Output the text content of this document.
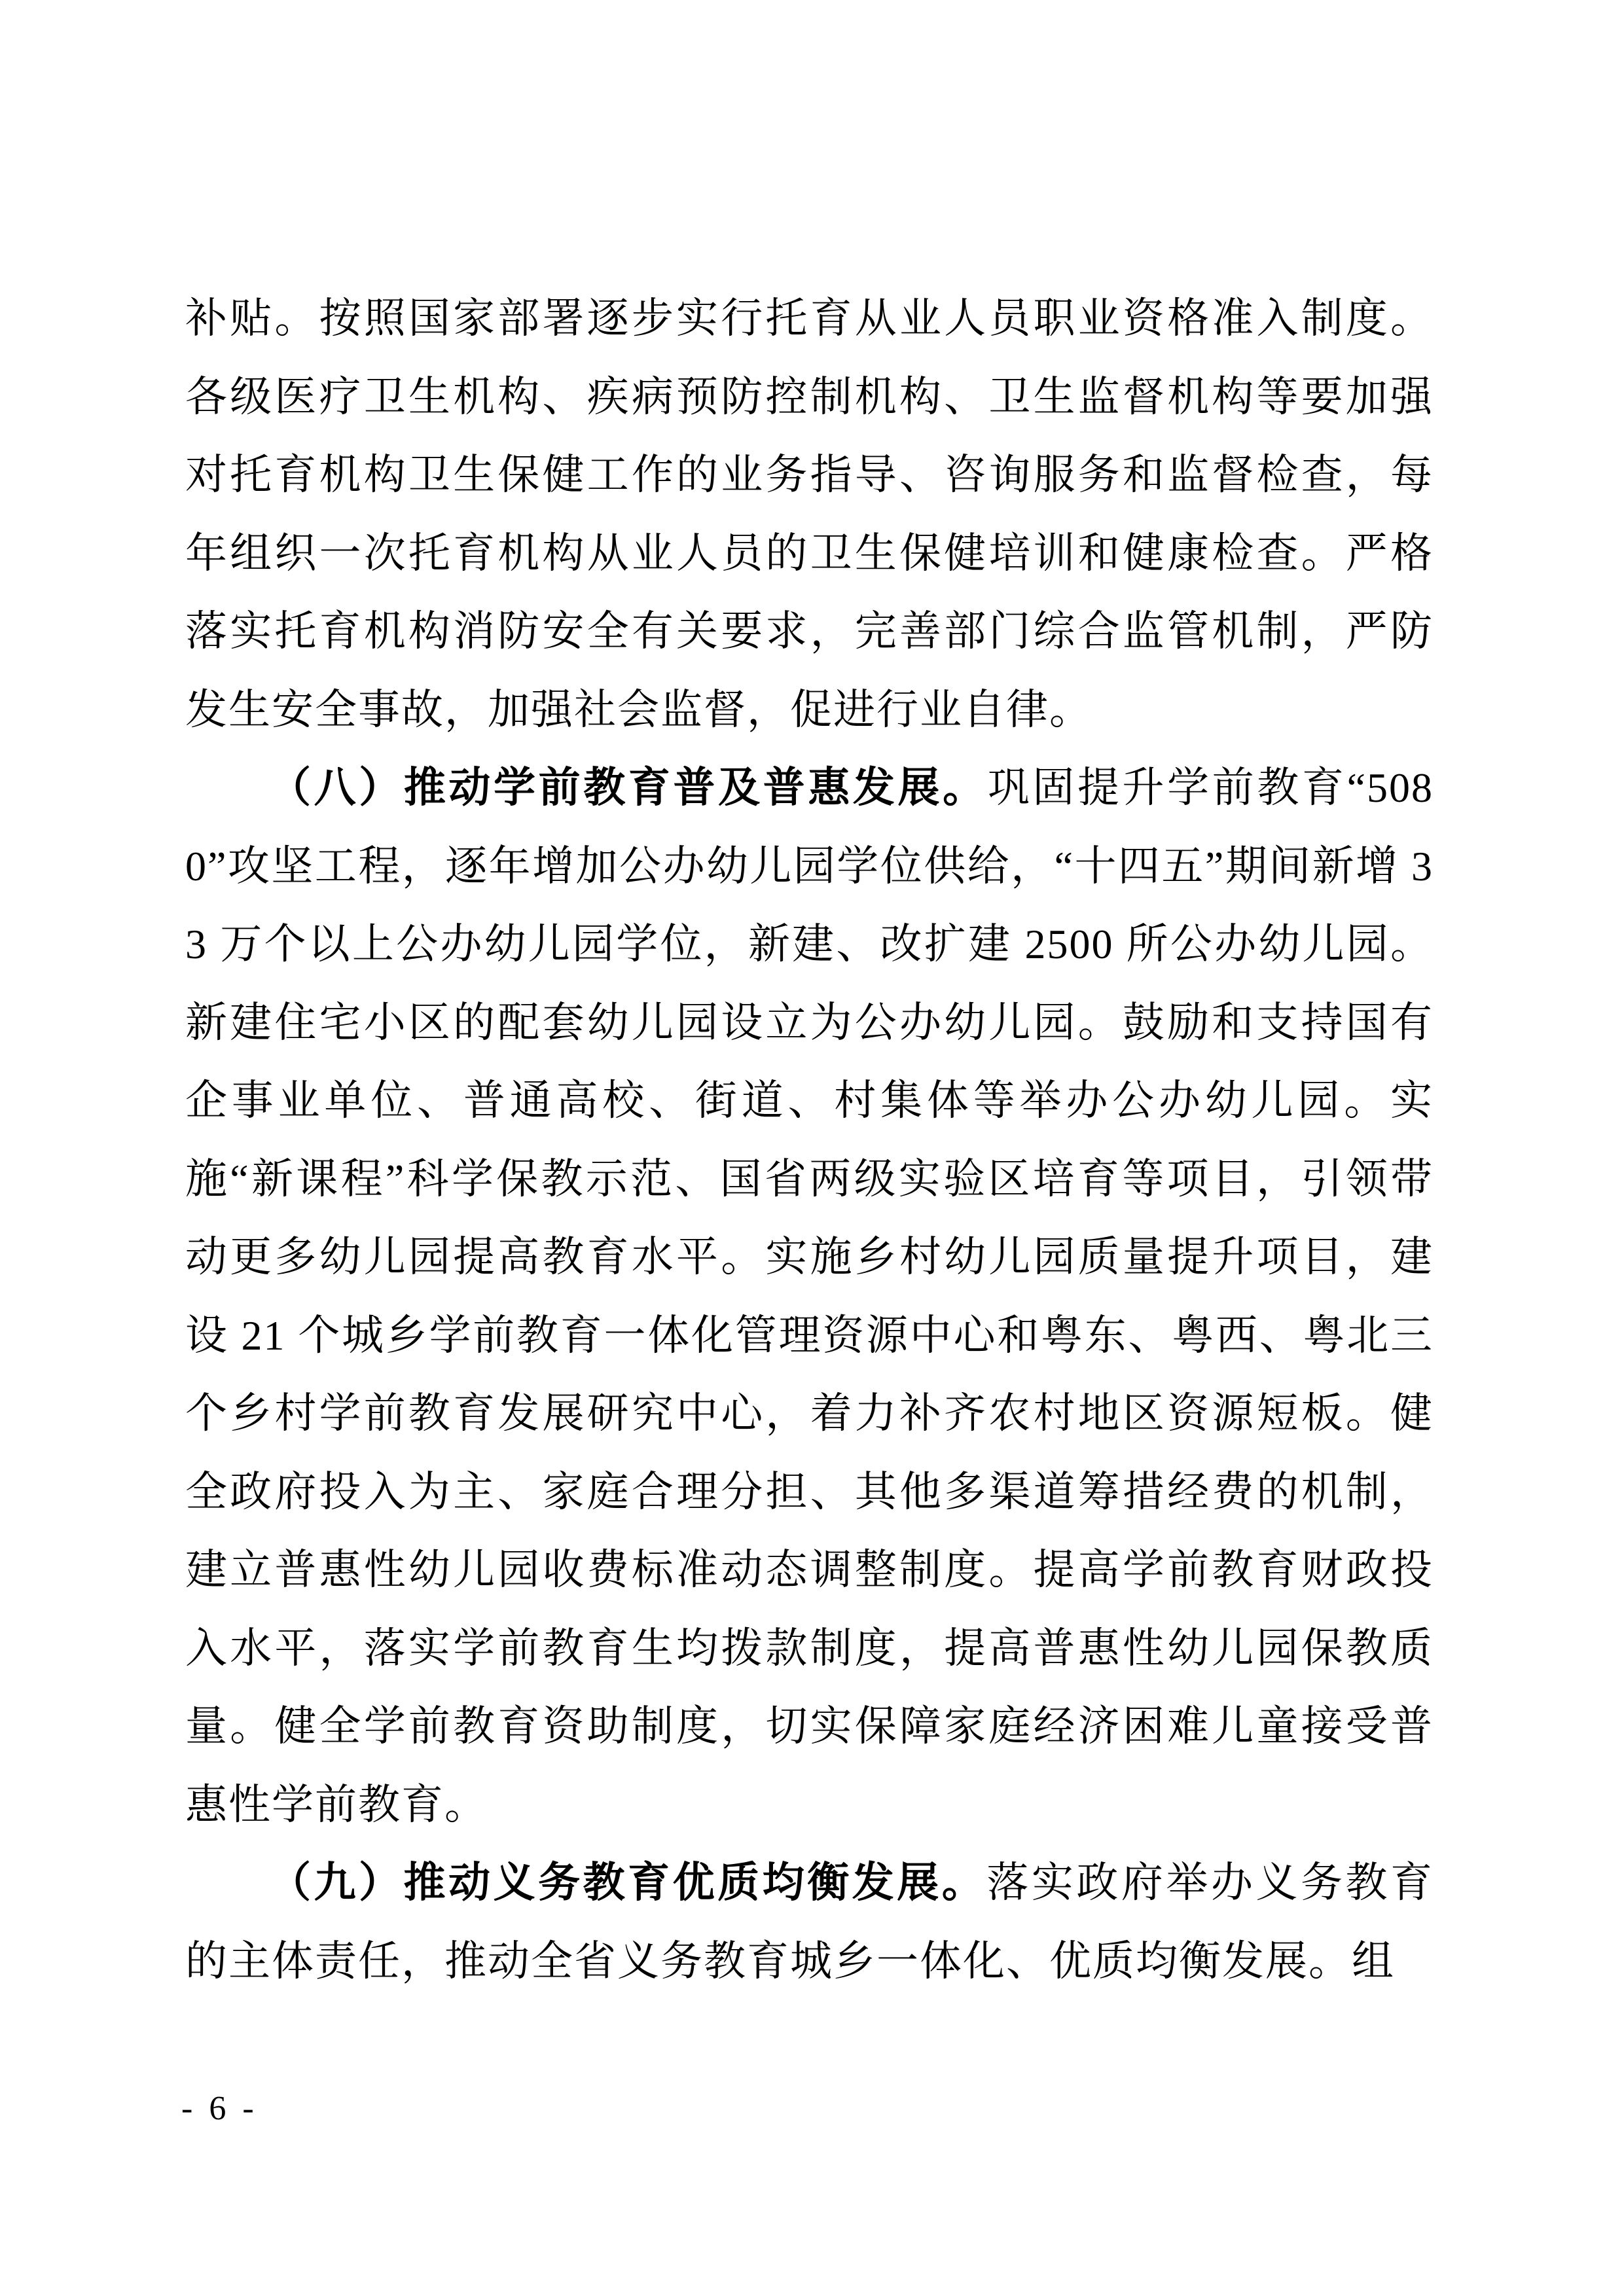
补贴。按照国家部署逐步实行托育从业人员职业资格准入制度。各级医疗卫生机构、疾病预防控制机构、卫生监督机构等要加强对托育机构卫生保健工作的业务指导、咨询服务和监督检查，每年组织一次托育机构从业人员的卫生保健培训和健康检查。严格落实托育机构消防安全有关要求，完善部门综合监管机制，严防发生安全事故，加强社会监督，促进行业自律。

（八）推动学前教育普及普惠发展。巩固提升学前教育“5080”攻坚工程，逐年增加公办幼儿园学位供给，“十四五”期间新增 33 万个以上公办幼儿园学位，新建、改扩建 2500 所公办幼儿园。新建住宅小区的配套幼儿园设立为公办幼儿园。鼓励和支持国有企事业单位、普通高校、街道、村集体等举办公办幼儿园。实施“新课程”科学保教示范、国省两级实验区培育等项目，引领带动更多幼儿园提高教育水平。实施乡村幼儿园质量提升项目，建设 21 个城乡学前教育一体化管理资源中心和粤东、粤西、粤北三个乡村学前教育发展研究中心，着力补齐农村地区资源短板。健全政府投入为主、家庭合理分担、其他多渠道筹措经费的机制，建立普惠性幼儿园收费标准动态调整制度。提高学前教育财政投入水平，落实学前教育生均拨款制度，提高普惠性幼儿园保教质量。健全学前教育资助制度，切实保障家庭经济困难儿童接受普惠性学前教育。

（九）推动义务教育优质均衡发展。落实政府举办义务教育的主体责任，推动全省义务教育城乡一体化、优质均衡发展。组

- 6 -
